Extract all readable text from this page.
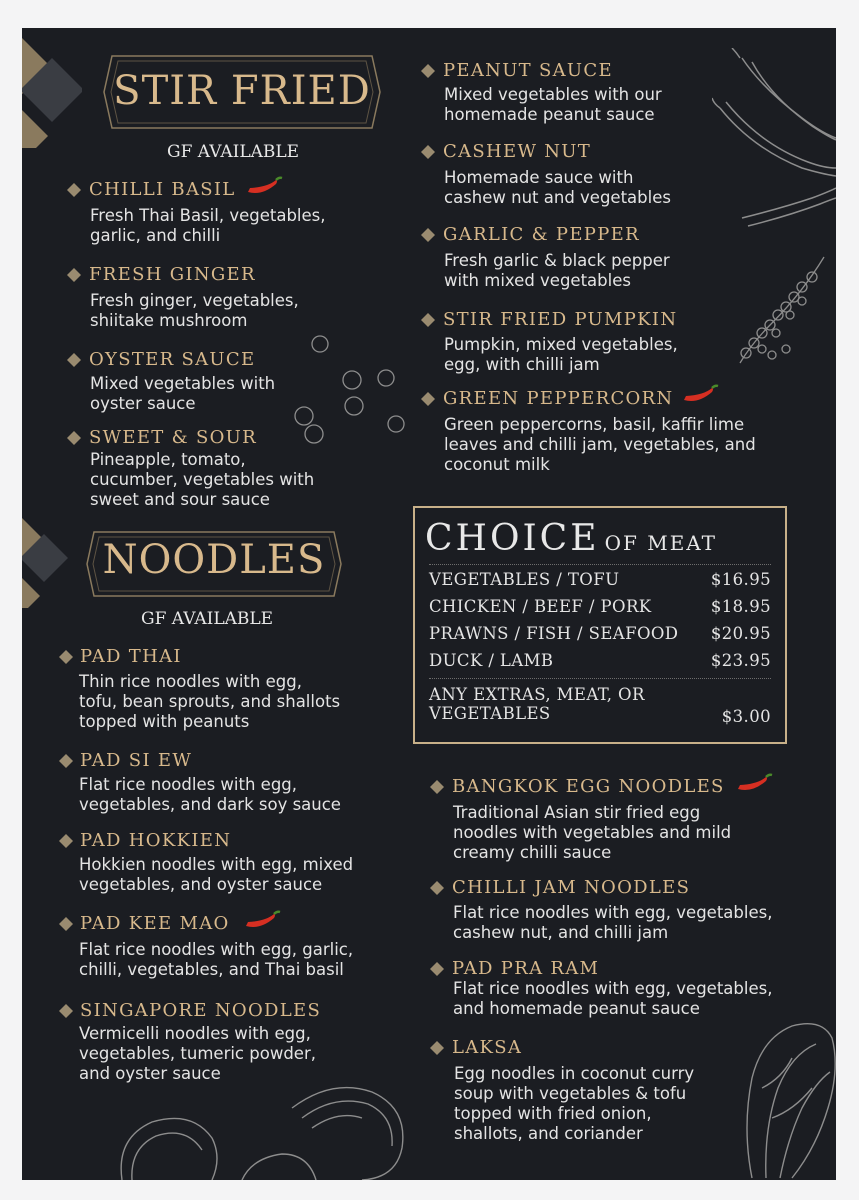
STIR FRIED
GF AVAILABLE
NOODLES
GF AVAILABLE
CHILLI BASIL
Fresh Thai Basil, vegetables,
garlic, and chilli
FRESH GINGER
Fresh ginger, vegetables,
shiitake mushroom
OYSTER SAUCE
Mixed vegetables with
oyster sauce
SWEET & SOUR
Pineapple, tomato,
cucumber, vegetables with
sweet and sour sauce
PEANUT SAUCE
Mixed vegetables with our
homemade peanut sauce
CASHEW NUT
Homemade sauce with
cashew nut and vegetables
GARLIC & PEPPER
Fresh garlic & black pepper
with mixed vegetables
STIR FRIED PUMPKIN
Pumpkin, mixed vegetables,
egg, with chilli jam
GREEN PEPPERCORN
Green peppercorns, basil, kaffir lime
leaves and chilli jam, vegetables, and
coconut milk
CHOICE OF MEAT
VEGETABLES / TOFU	$16.95
CHICKEN / BEEF / PORK	$18.95
PRAWNS / FISH / SEAFOOD $20.95
DUCK / LAMB	$23.95
ANY EXTRAS, MEAT, OR
VEGETABLES	$3.00
PAD THAI
Thin rice noodles with egg,
tofu, bean sprouts, and shallots
topped with peanuts
PAD SI EW
Flat rice noodles with egg,
vegetables, and dark soy sauce
PAD HOKKIEN
Hokkien noodles with egg, mixed
vegetables, and oyster sauce
PAD KEE MAO
Flat rice noodles with egg, garlic,
chilli, vegetables, and Thai basil
SINGAPORE NOODLES
Vermicelli noodles with egg,
vegetables, tumeric powder,
and oyster sauce
BANGKOK EGG NOODLES
Traditional Asian stir fried egg
noodles with vegetables and mild
creamy chilli sauce
CHILLI JAM NOODLES
Flat rice noodles with egg, vegetables,
cashew nut, and chilli jam
PAD PRA RAM
Flat rice noodles with egg, vegetables,
and homemade peanut sauce
LAKSA
Egg noodles in coconut curry
soup with vegetables & tofu
topped with fried onion,
shallots, and coriander
